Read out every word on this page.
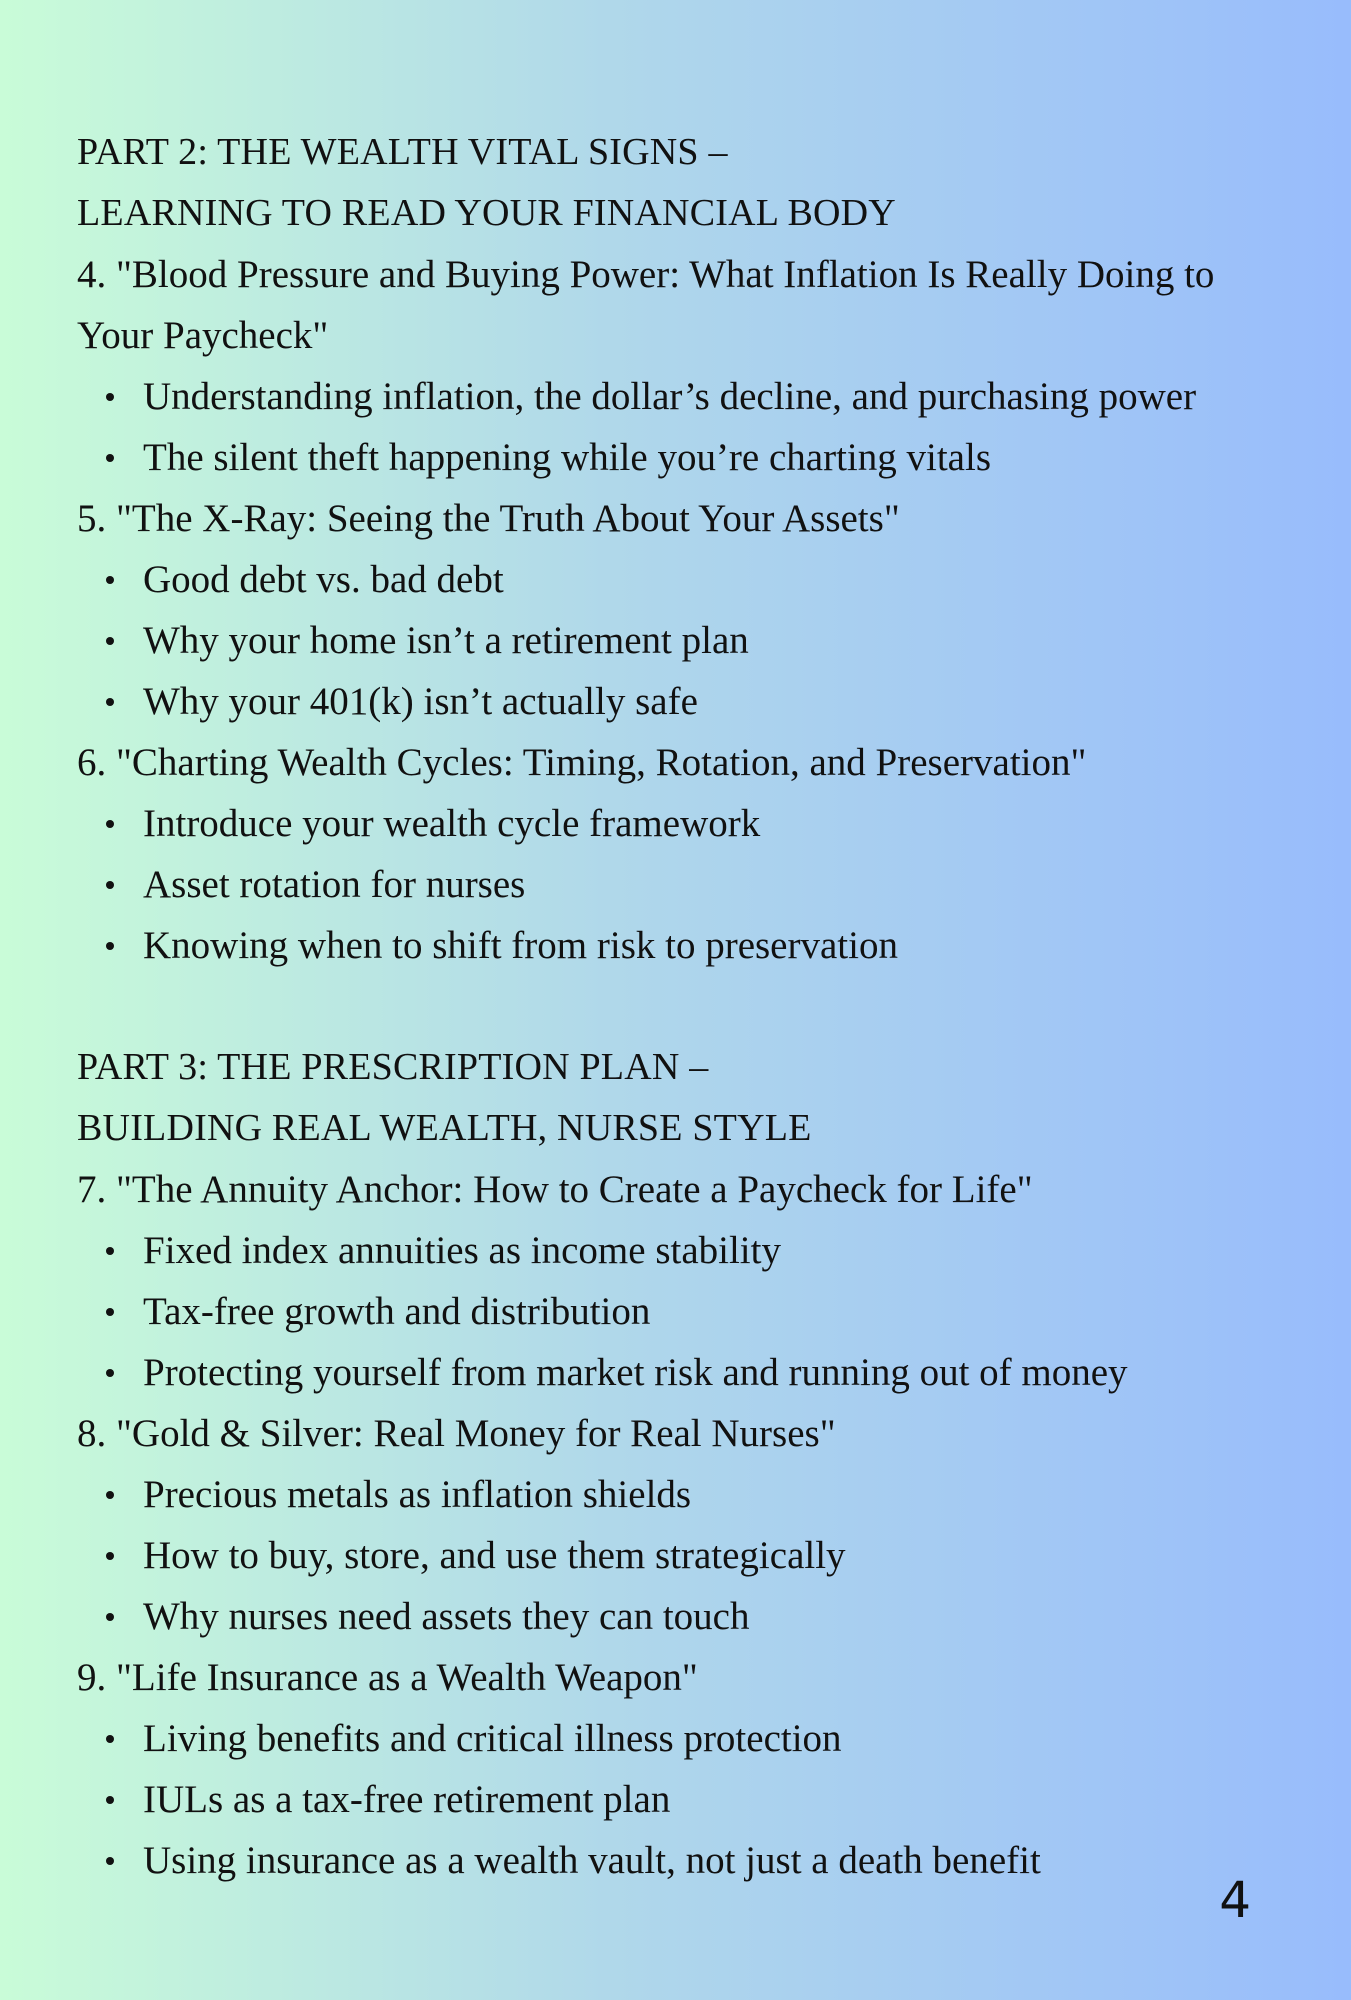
PART 2: THE WEALTH VITAL SIGNS –

LEARNING TO READ YOUR FINANCIAL BODY

4. "Blood Pressure and Buying Power: What Inflation Is Really Doing to Your Paycheck"

Understanding inflation, the dollar’s decline, and purchasing power
The silent theft happening while you’re charting vitals

5. "The X-Ray: Seeing the Truth About Your Assets"

Good debt vs. bad debt
Why your home isn’t a retirement plan
Why your 401(k) isn’t actually safe

6. "Charting Wealth Cycles: Timing, Rotation, and Preservation"

Introduce your wealth cycle framework
Asset rotation for nurses
Knowing when to shift from risk to preservation

PART 3: THE PRESCRIPTION PLAN –

BUILDING REAL WEALTH, NURSE STYLE

7. "The Annuity Anchor: How to Create a Paycheck for Life"

Fixed index annuities as income stability
Tax-free growth and distribution
Protecting yourself from market risk and running out of money

8. "Gold & Silver: Real Money for Real Nurses"

Precious metals as inflation shields
How to buy, store, and use them strategically
Why nurses need assets they can touch

9. "Life Insurance as a Wealth Weapon"

Living benefits and critical illness protection
IULs as a tax-free retirement plan
Using insurance as a wealth vault, not just a death benefit
4
